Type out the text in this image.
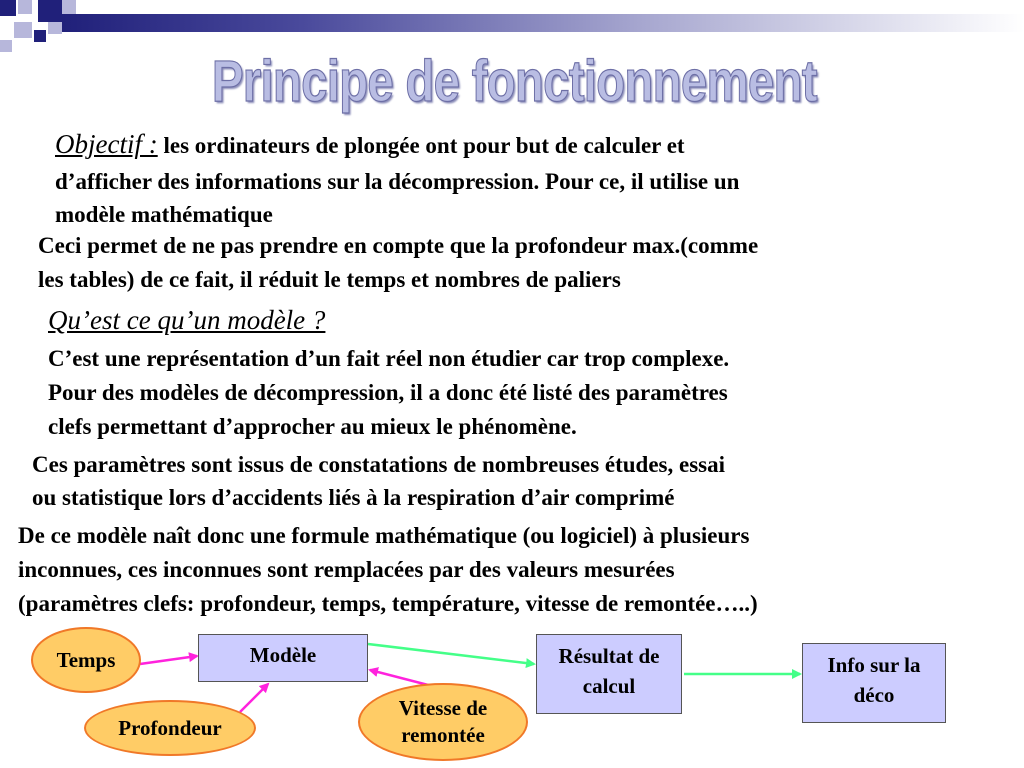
Principe de fonctionnement
Objectif : les ordinateurs de plongée ont pour but de calculer et
d’afficher des informations sur la décompression. Pour ce, il utilise un
modèle mathématique
Ceci permet de ne pas prendre en compte que la profondeur max.(comme
les tables) de ce fait, il réduit le temps et nombres de paliers
Qu’est ce qu’un modèle ?
C’est une représentation d’un fait réel non étudier car trop complexe.
Pour des modèles de décompression, il a donc été listé des paramètres
clefs permettant d’approcher au mieux le phénomène.
Ces paramètres sont issus de constatations de nombreuses études, essai
ou statistique lors d’accidents liés à la respiration d’air comprimé
De ce modèle naît donc une formule mathématique (ou logiciel) à plusieurs
inconnues, ces inconnues sont remplacées par des valeurs mesurées
(paramètres clefs: profondeur, temps, température, vitesse de remontée…..)
Temps	Modèle
Profondeur
Vitesse de
remontée
Résultat de
calcul
Info sur la
déco
